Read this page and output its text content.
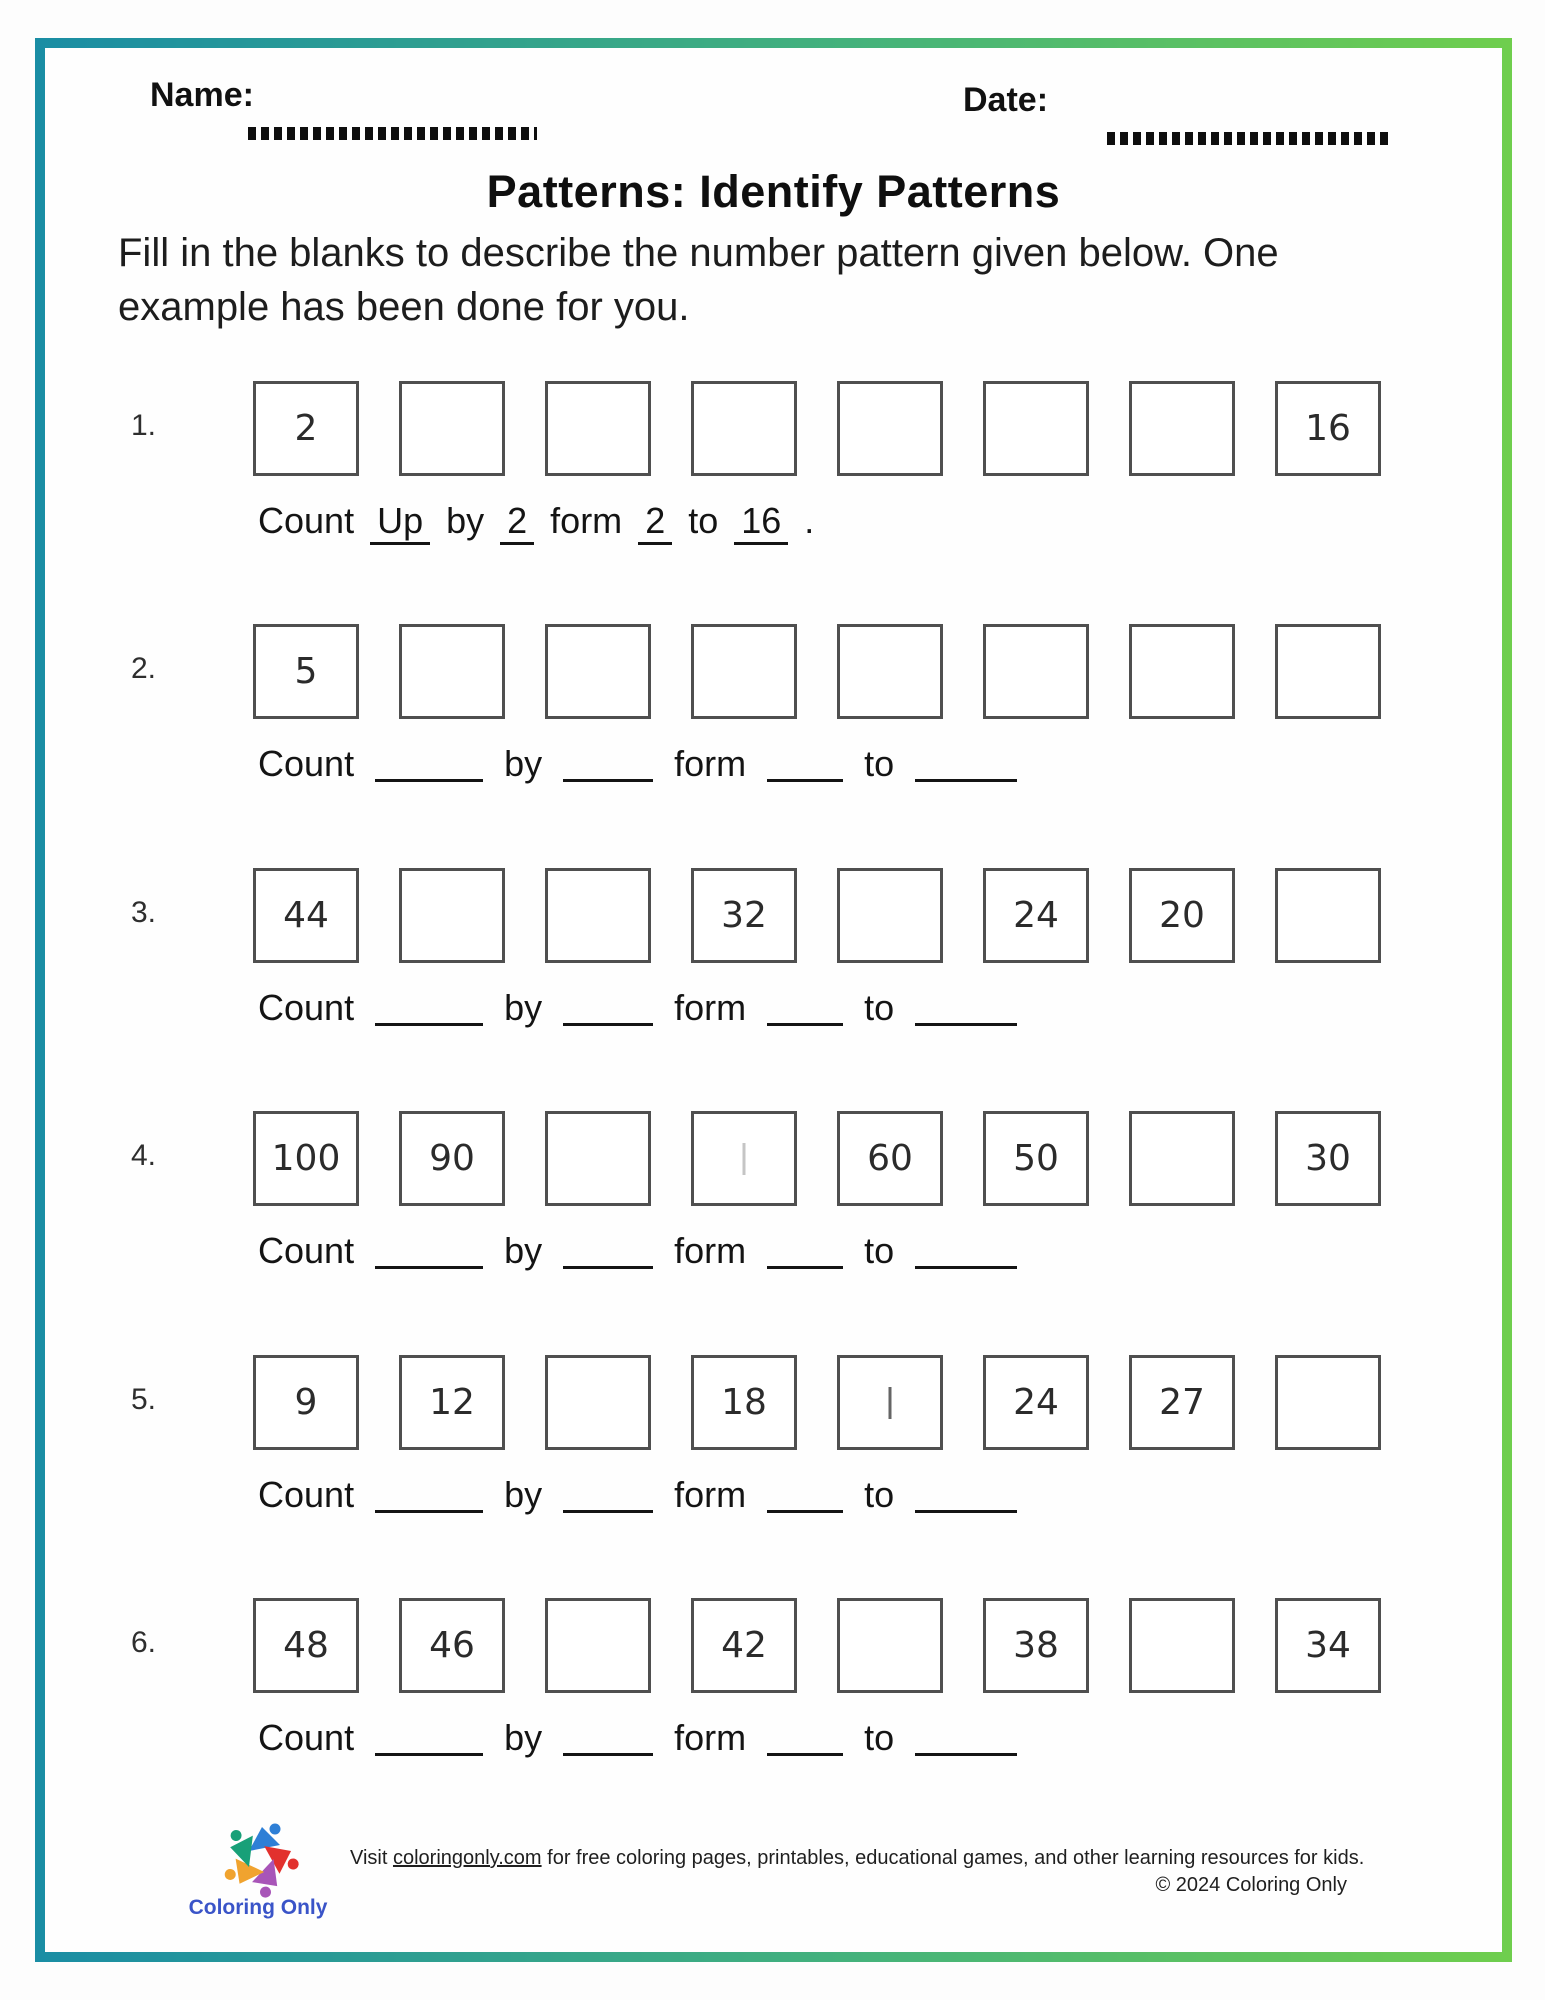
Name:	Date:
Patterns: Identify Patterns
Fill in the blanks to describe the number pattern given below. One
example has been done for you.
1.	2	16
Count Up by 2 form 2 to 16 .
2.	5
Count	by	form	to
3.	44	32	24	20
Count	by	form	to
4.	100	90	60	50	30
Count	by	form	to
5.	9	12	18	24	27
Count	by	form	to
6.	48	46	42	38	34
Count	by	form	to
Coloring Only
Visit coloringonly.com for free coloring pages, printables, educational games, and other learning resources for kids.
© 2024 Coloring Only
